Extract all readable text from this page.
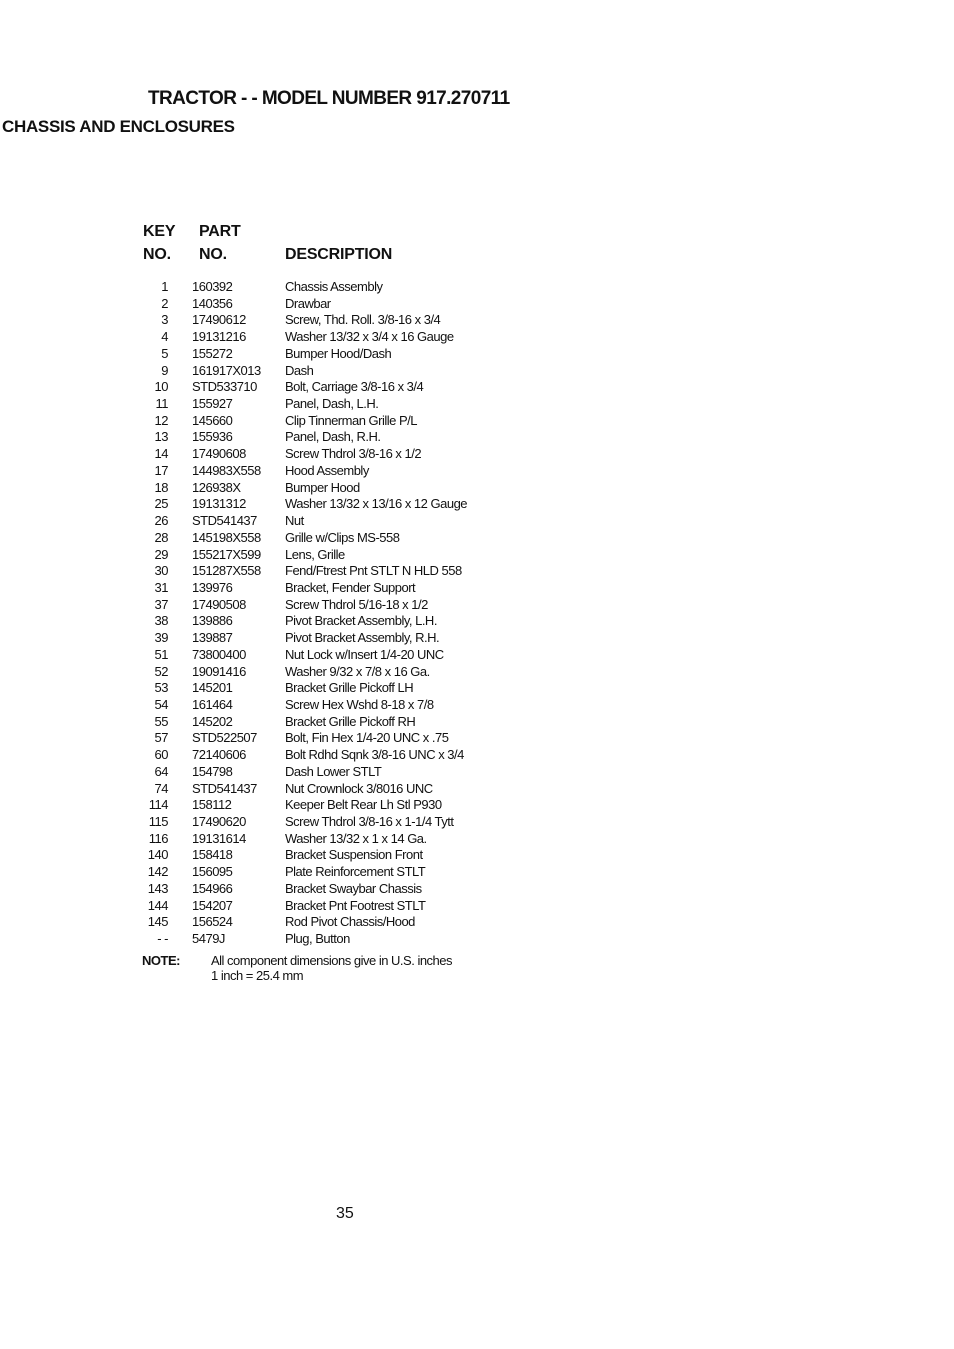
TRACTOR - - MODEL NUMBER 917.270711
CHASSIS AND ENCLOSURES
KEY
NO.
PART
NO.	DESCRIPTION
1 160392	Chassis Assembly
2 140356	Drawbar
3 17490612	Screw, Thd. Roll. 3/8-16 x 3/4
4 19131216	Washer 13/32 x 3/4 x 16 Gauge
5 155272	Bumper Hood/Dash
9 161917X013 Dash
10 STD533710 Bolt, Carriage 3/8-16 x 3/4
11 155927	Panel, Dash, L.H.
12 145660	Clip Tinnerman Grille P/L
13 155936	Panel, Dash, R.H.
14 17490608	Screw Thdrol 3/8-16 x 1/2
17 144983X558 Hood Assembly
18 126938X	Bumper Hood
25 19131312	Washer 13/32 x 13/16 x 12 Gauge
26 STD541437 Nut
28 145198X558 Grille w/Clips MS-558
29 155217X599 Lens, Grille
30 151287X558 Fend/Ftrest Pnt STLT N HLD 558
31 139976	Bracket, Fender Support
37 17490508	Screw Thdrol 5/16-18 x 1/2
38 139886	Pivot Bracket Assembly, L.H.
39 139887	Pivot Bracket Assembly, R.H.
51 73800400	Nut Lock w/Insert 1/4-20 UNC
52 19091416	Washer 9/32 x 7/8 x 16 Ga.
53 145201	Bracket Grille Pickoff LH
54 161464	Screw Hex Wshd 8-18 x 7/8
55 145202	Bracket Grille Pickoff RH
57 STD522507 Bolt, Fin Hex 1/4-20 UNC x .75
60 72140606	Bolt Rdhd Sqnk 3/8-16 UNC x 3/4
64 154798	Dash Lower STLT
74 STD541437 Nut Crownlock 3/8016 UNC
114 158112	Keeper Belt Rear Lh Stl P930
115 17490620	Screw Thdrol 3/8-16 x 1-1/4 Tytt
116 19131614	Washer 13/32 x 1 x 14 Ga.
140 158418	Bracket Suspension Front
142 156095	Plate Reinforcement STLT
143 154966	Bracket Swaybar Chassis
144 154207	Bracket Pnt Footrest STLT
145 156524	Rod Pivot Chassis/Hood
- - 5479J	Plug, Button
NOTE: All component dimensions give in U.S. inches
1 inch = 25.4 mm
35
